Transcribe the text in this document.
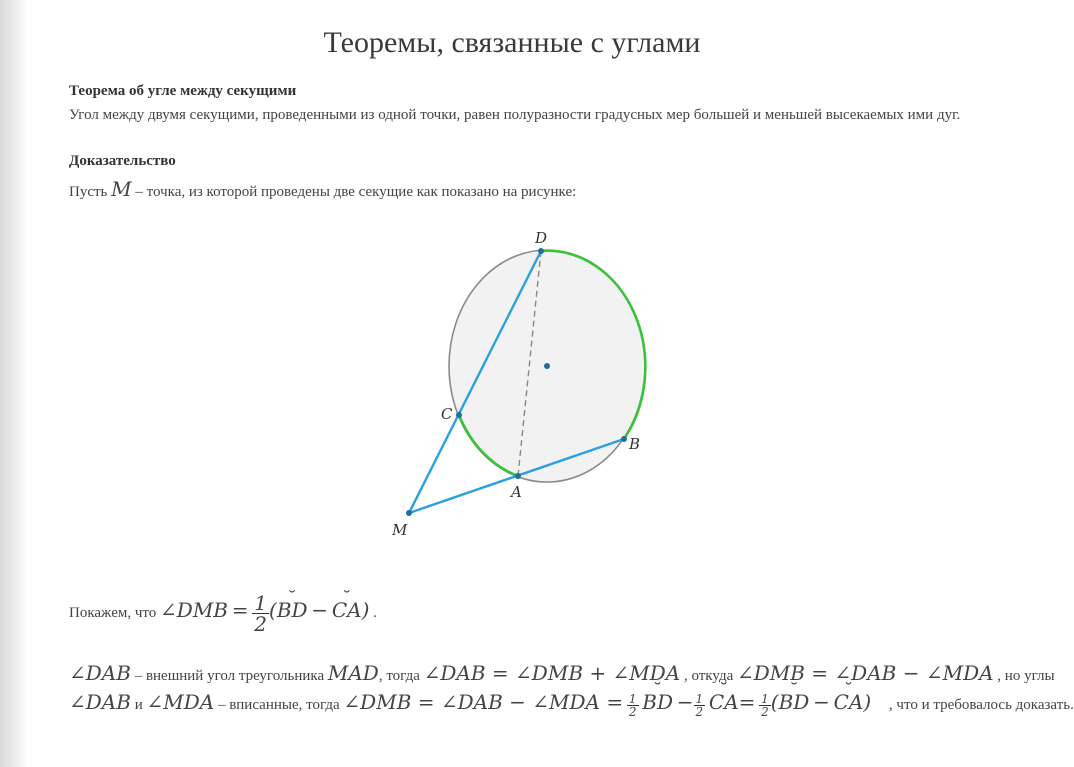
Теоремы, связанные с углами
Теорема об угле между секущими
Угол между двумя секущими, проведенными из одной точки, равен полуразности градусных мер большей и меньшей высекаемых ими дуг.
Доказательство
Пусть M – точка, из которой проведены две секущие как показано на рисунке:
D
C
A
B
M
Покажем, что ∠DMB = $\frac{1}{2}$ (˘ BD − ˘ CA) .
∠DAB – внешний угол треугольника MAD, тогда ∠DAB = ∠DMB + ∠MDA , откуда ∠DMB = ∠DAB − ∠MDA , но углы
∠DAB и ∠MDA – вписанные, тогда ∠DMB = ∠DAB − ∠MDA = $\frac{1}{2}$ ˘ BD − $\frac{1}{2}$ ˘ $CA= \frac{1}{2}$ (˘ BD − ˘ CA) , что и требовалось доказать.
